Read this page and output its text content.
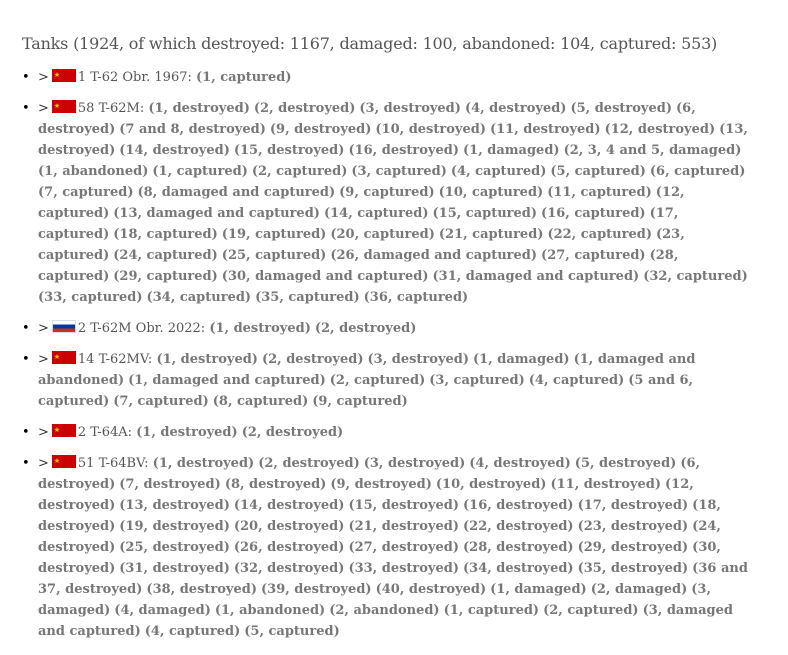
Tanks (1924, of which destroyed: 1167, damaged: 100, abandoned: 104, captured: 553)
• > ★ 1 T-62 Obr. 1967: (1, captured)
• > ★ 58 T-62M: (1, destroyed) (2, destroyed) (3, destroyed) (4, destroyed) (5, destroyed) (6, destroyed) (7 and 8, destroyed) (9, destroyed) (10, destroyed) (11, destroyed) (12, destroyed) (13, destroyed) (14, destroyed) (15, destroyed) (16, destroyed) (1, damaged) (2, 3, 4 and 5, damaged)(1, abandoned) (1, captured) (2, captured) (3, captured) (4, captured) (5, captured) (6, captured)(7, captured) (8, damaged and captured) (9, captured) (10, captured) (11, captured) (12, captured) (13, damaged and captured) (14, captured) (15, captured) (16, captured) (17, captured) (18, captured) (19, captured) (20, captured) (21, captured) (22, captured) (23, captured) (24, captured) (25, captured) (26, damaged and captured) (27, captured) (28, captured) (29, captured) (30, damaged and captured) (31, damaged and captured) (32, captured)(33, captured) (34, captured) (35, captured) (36, captured)
• > 2 T-62M Obr. 2022: (1, destroyed) (2, destroyed)
• > ★ 14 T-62MV: (1, destroyed) (2, destroyed) (3, destroyed) (1, damaged) (1, damaged and abandoned) (1, damaged and captured) (2, captured) (3, captured) (4, captured) (5 and 6, captured) (7, captured) (8, captured) (9, captured)
• > ★ 2 T-64A: (1, destroyed) (2, destroyed)
• > ★ 51 T-64BV: (1, destroyed) (2, destroyed) (3, destroyed) (4, destroyed) (5, destroyed) (6, destroyed) (7, destroyed) (8, destroyed) (9, destroyed) (10, destroyed) (11, destroyed) (12, destroyed) (13, destroyed) (14, destroyed) (15, destroyed) (16, destroyed) (17, destroyed) (18, destroyed) (19, destroyed) (20, destroyed) (21, destroyed) (22, destroyed) (23, destroyed) (24, destroyed) (25, destroyed) (26, destroyed) (27, destroyed) (28, destroyed) (29, destroyed) (30, destroyed) (31, destroyed) (32, destroyed) (33, destroyed) (34, destroyed) (35, destroyed) (36 and 37, destroyed) (38, destroyed) (39, destroyed) (40, destroyed) (1, damaged) (2, damaged) (3, damaged) (4, damaged) (1, abandoned) (2, abandoned) (1, captured) (2, captured) (3, damaged and captured) (4, captured) (5, captured)
